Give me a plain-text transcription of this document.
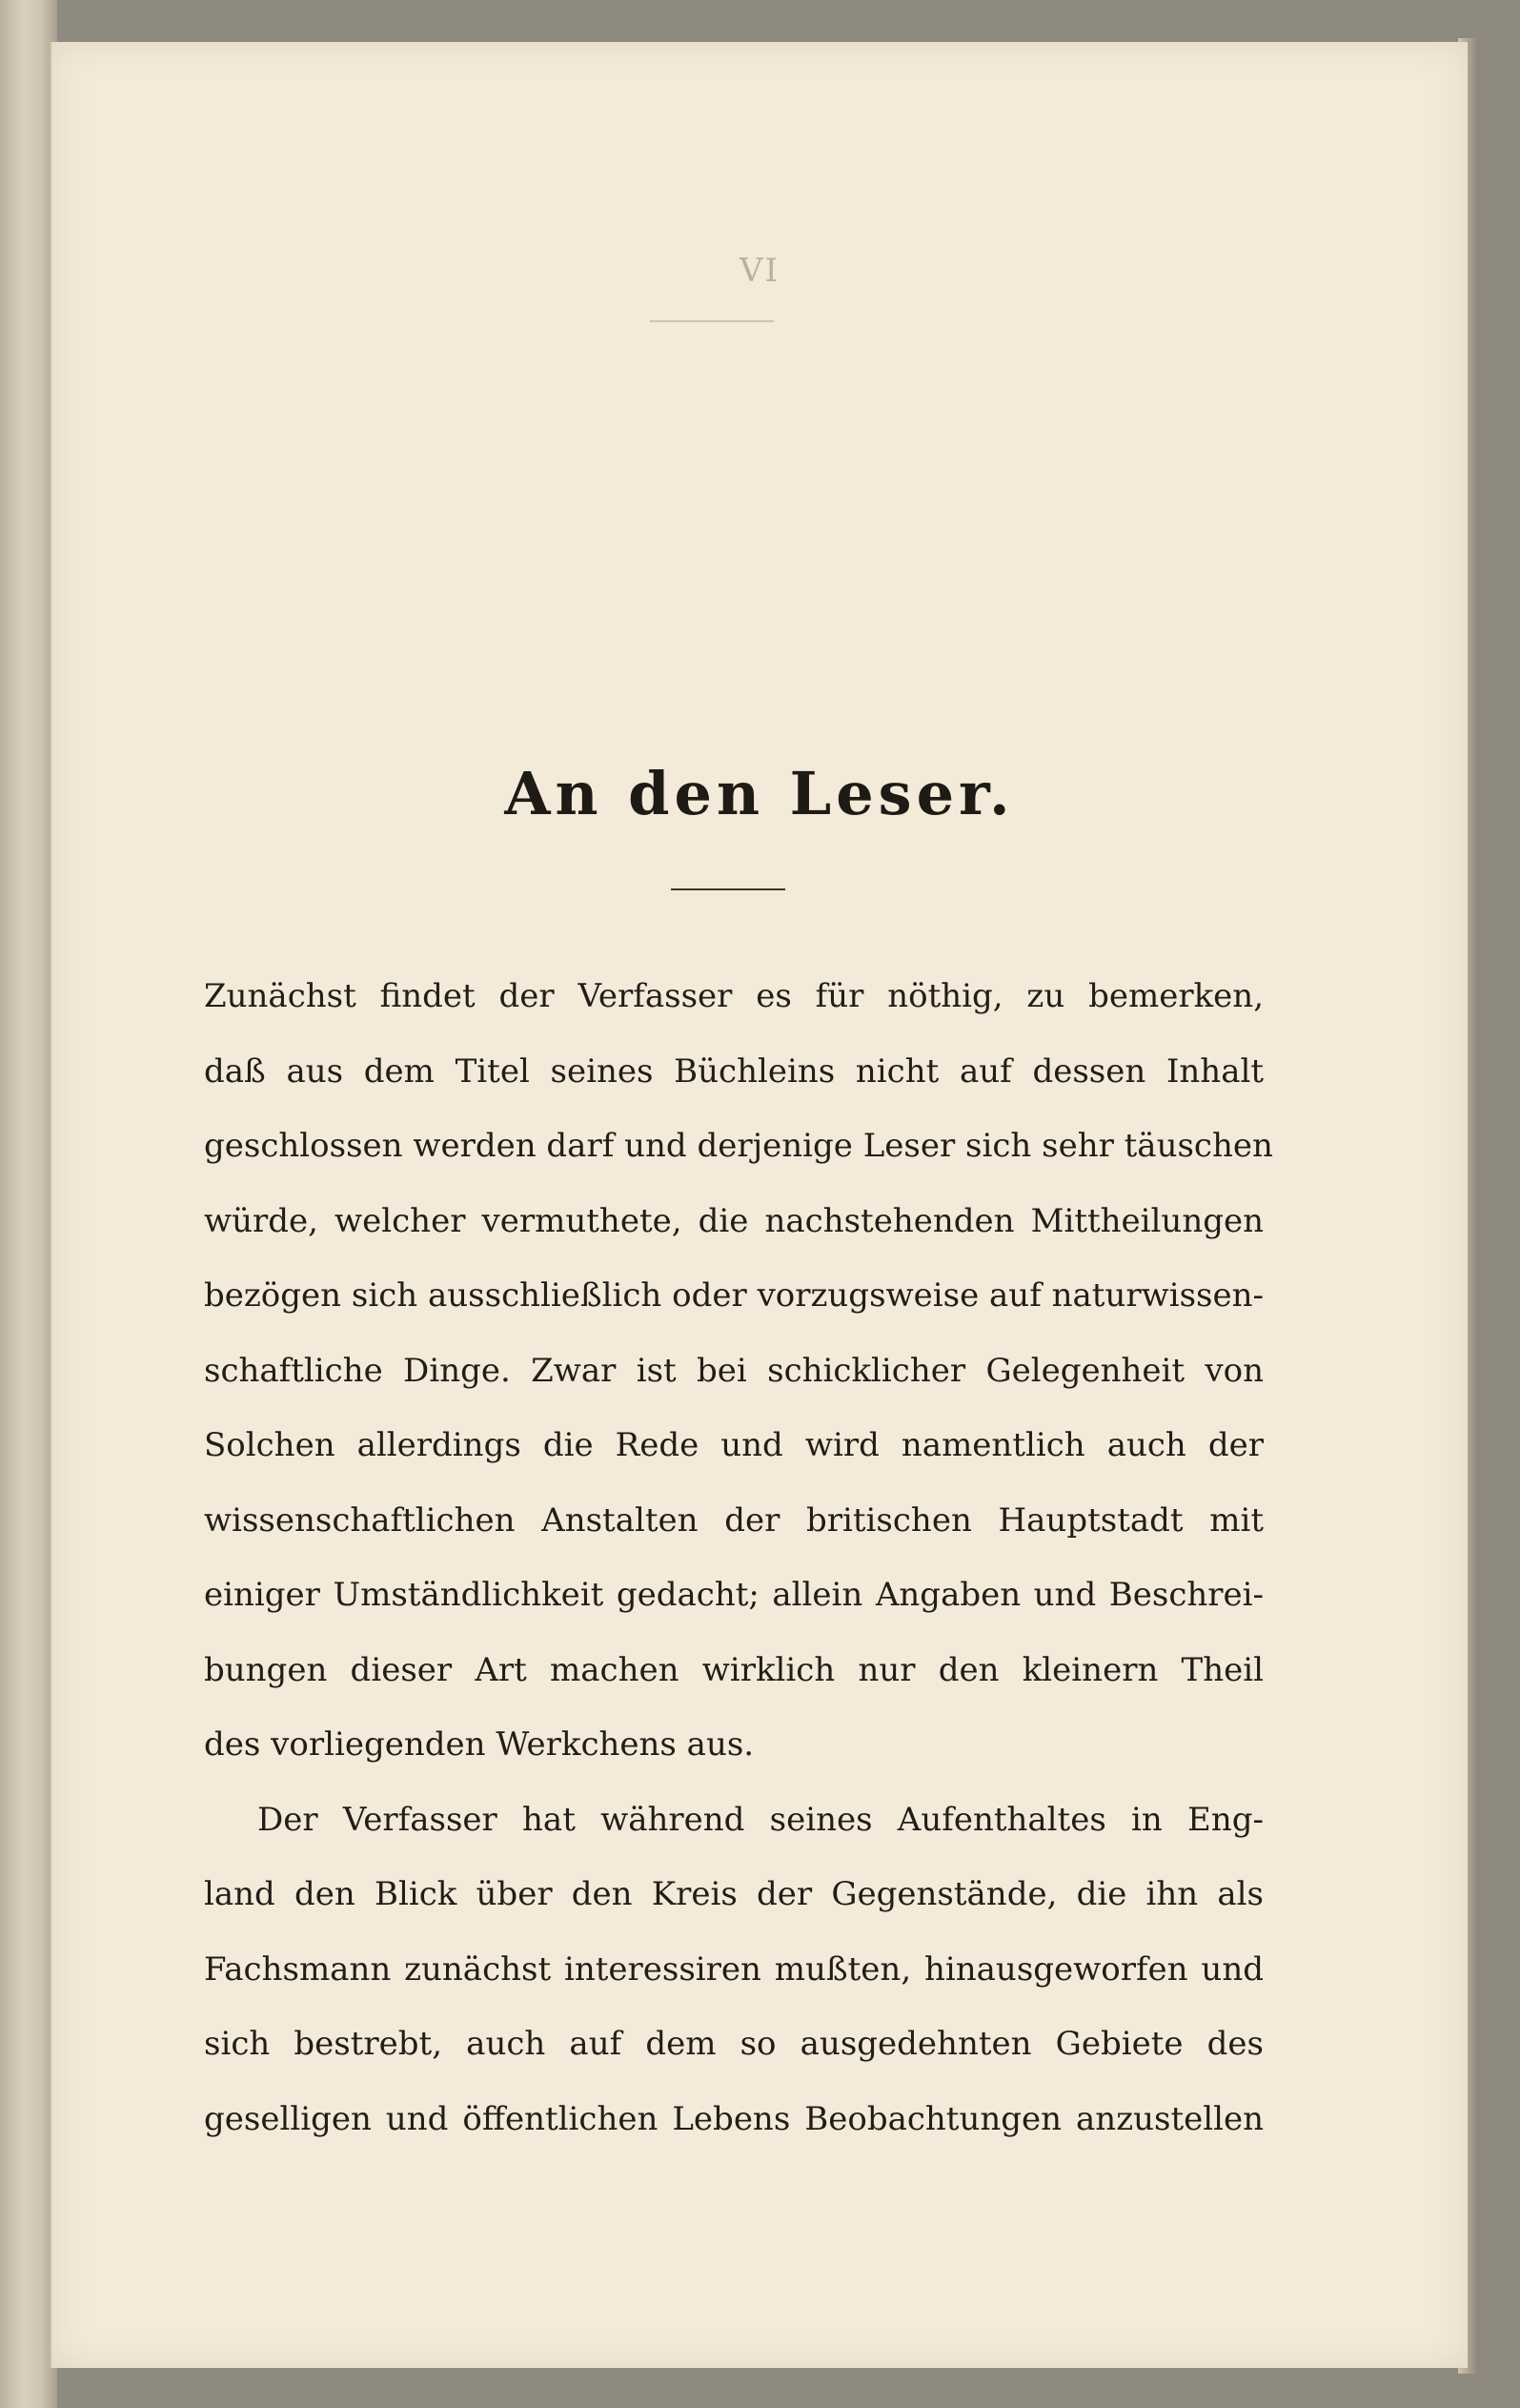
VI
An den Leser.
Zunächst findet der Verfasser es für nöthig, zu bemerken,
daß aus dem Titel seines Büchleins nicht auf dessen Inhalt
geschlossen werden darf und derjenige Leser sich sehr täuschen
würde, welcher vermuthete, die nachstehenden Mittheilungen
bezögen sich ausschließlich oder vorzugsweise auf naturwissen-
schaftliche Dinge. Zwar ist bei schicklicher Gelegenheit von
Solchen allerdings die Rede und wird namentlich auch der
wissenschaftlichen Anstalten der britischen Hauptstadt mit
einiger Umständlichkeit gedacht; allein Angaben und Beschrei-
bungen dieser Art machen wirklich nur den kleinern Theil
des vorliegenden Werkchens aus.
Der Verfasser hat während seines Aufenthaltes in Eng-
land den Blick über den Kreis der Gegenstände, die ihn als
Fachsmann zunächst interessiren mußten, hinausgeworfen und
sich bestrebt, auch auf dem so ausgedehnten Gebiete des
geselligen und öffentlichen Lebens Beobachtungen anzustellen
